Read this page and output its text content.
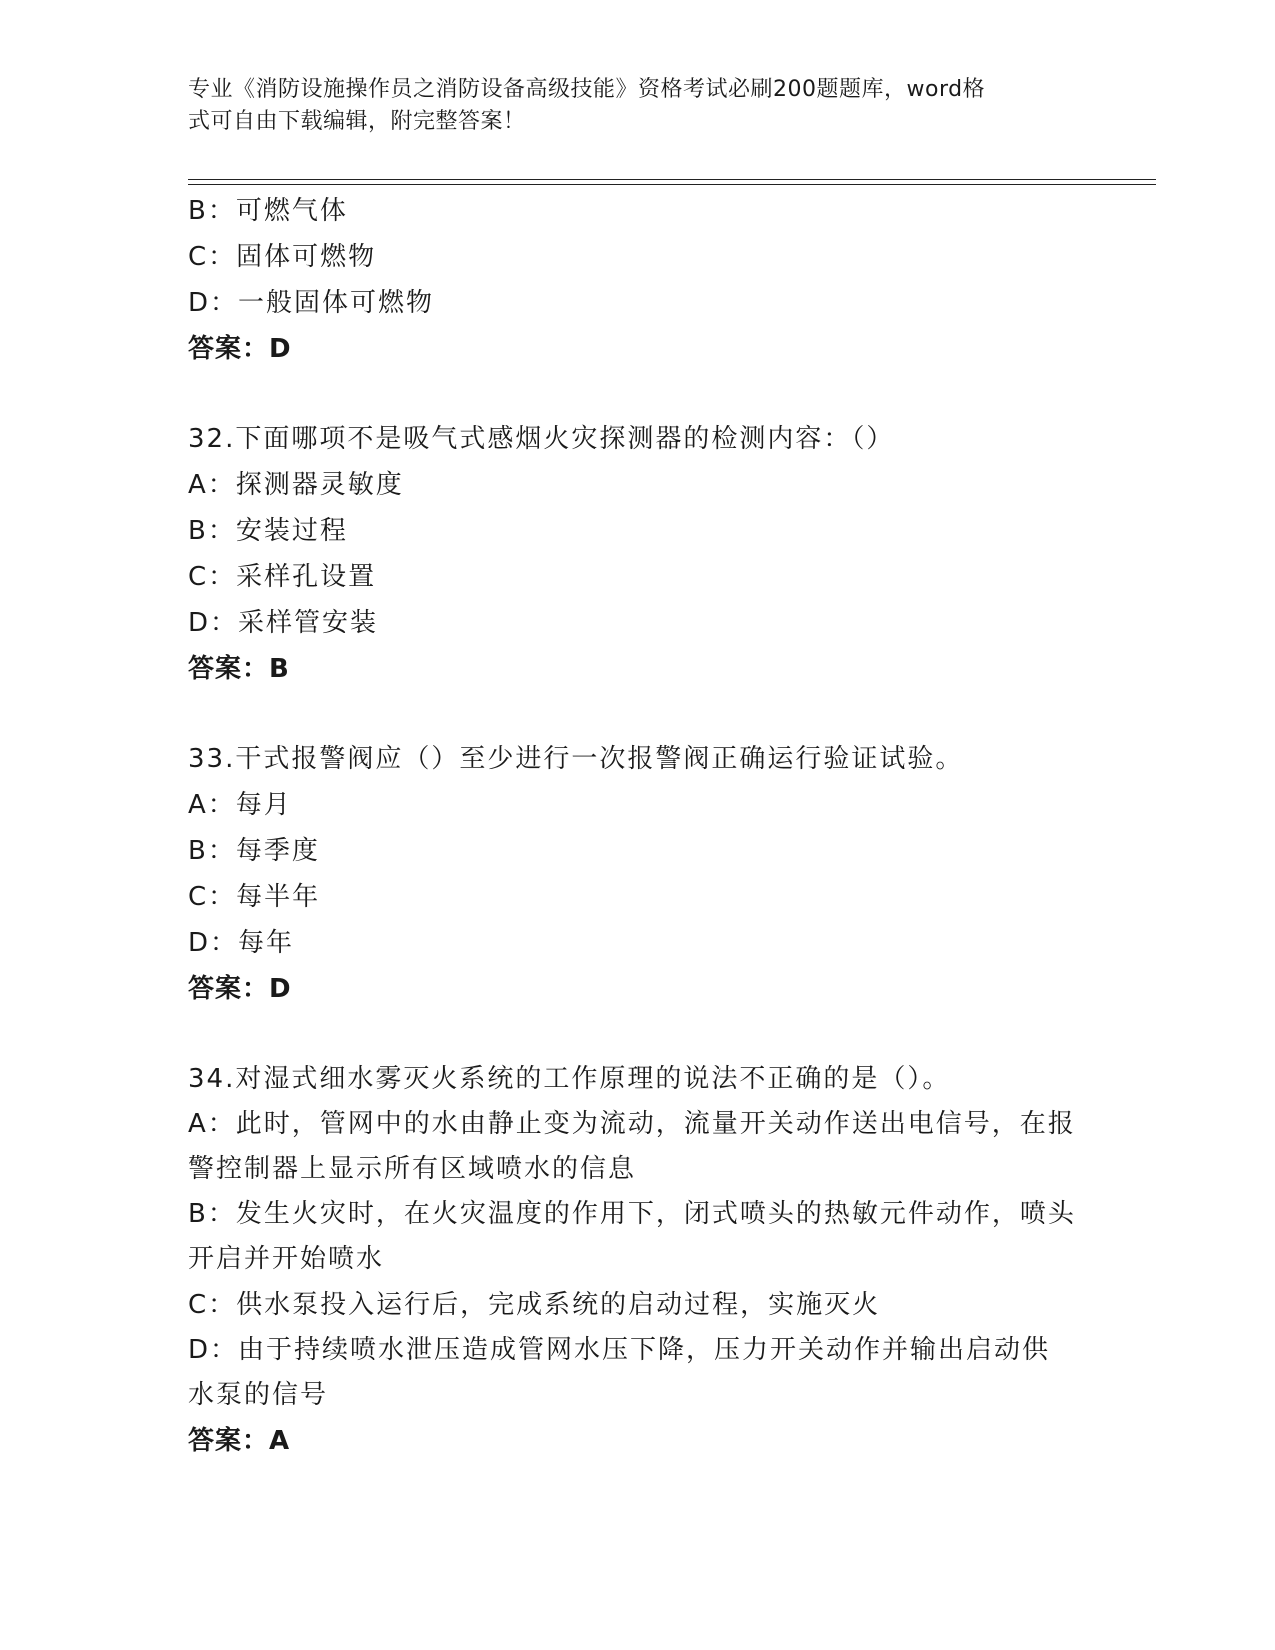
专业《消防设施操作员之消防设备高级技能》资格考试必刷200题题库，word格
式可自由下载编辑，附完整答案！
B：可燃气体
C：固体可燃物
D：一般固体可燃物
答案：D
32.下面哪项不是吸气式感烟火灾探测器的检测内容：（）
A：探测器灵敏度
B：安装过程
C：采样孔设置
D：采样管安装
答案：B
33.干式报警阀应（）至少进行一次报警阀正确运行验证试验。
A：每月
B：每季度
C：每半年
D：每年
答案：D
34.对湿式细水雾灭火系统的工作原理的说法不正确的是（）。
A：此时，管网中的水由静止变为流动，流量开关动作送出电信号，在报警控制器上显示所有区域喷水的信息
B：发生火灾时，在火灾温度的作用下，闭式喷头的热敏元件动作，喷头开启并开始喷水
C：供水泵投入运行后，完成系统的启动过程，实施灭火
D：由于持续喷水泄压造成管网水压下降，压力开关动作并输出启动供水泵的信号
答案：A
